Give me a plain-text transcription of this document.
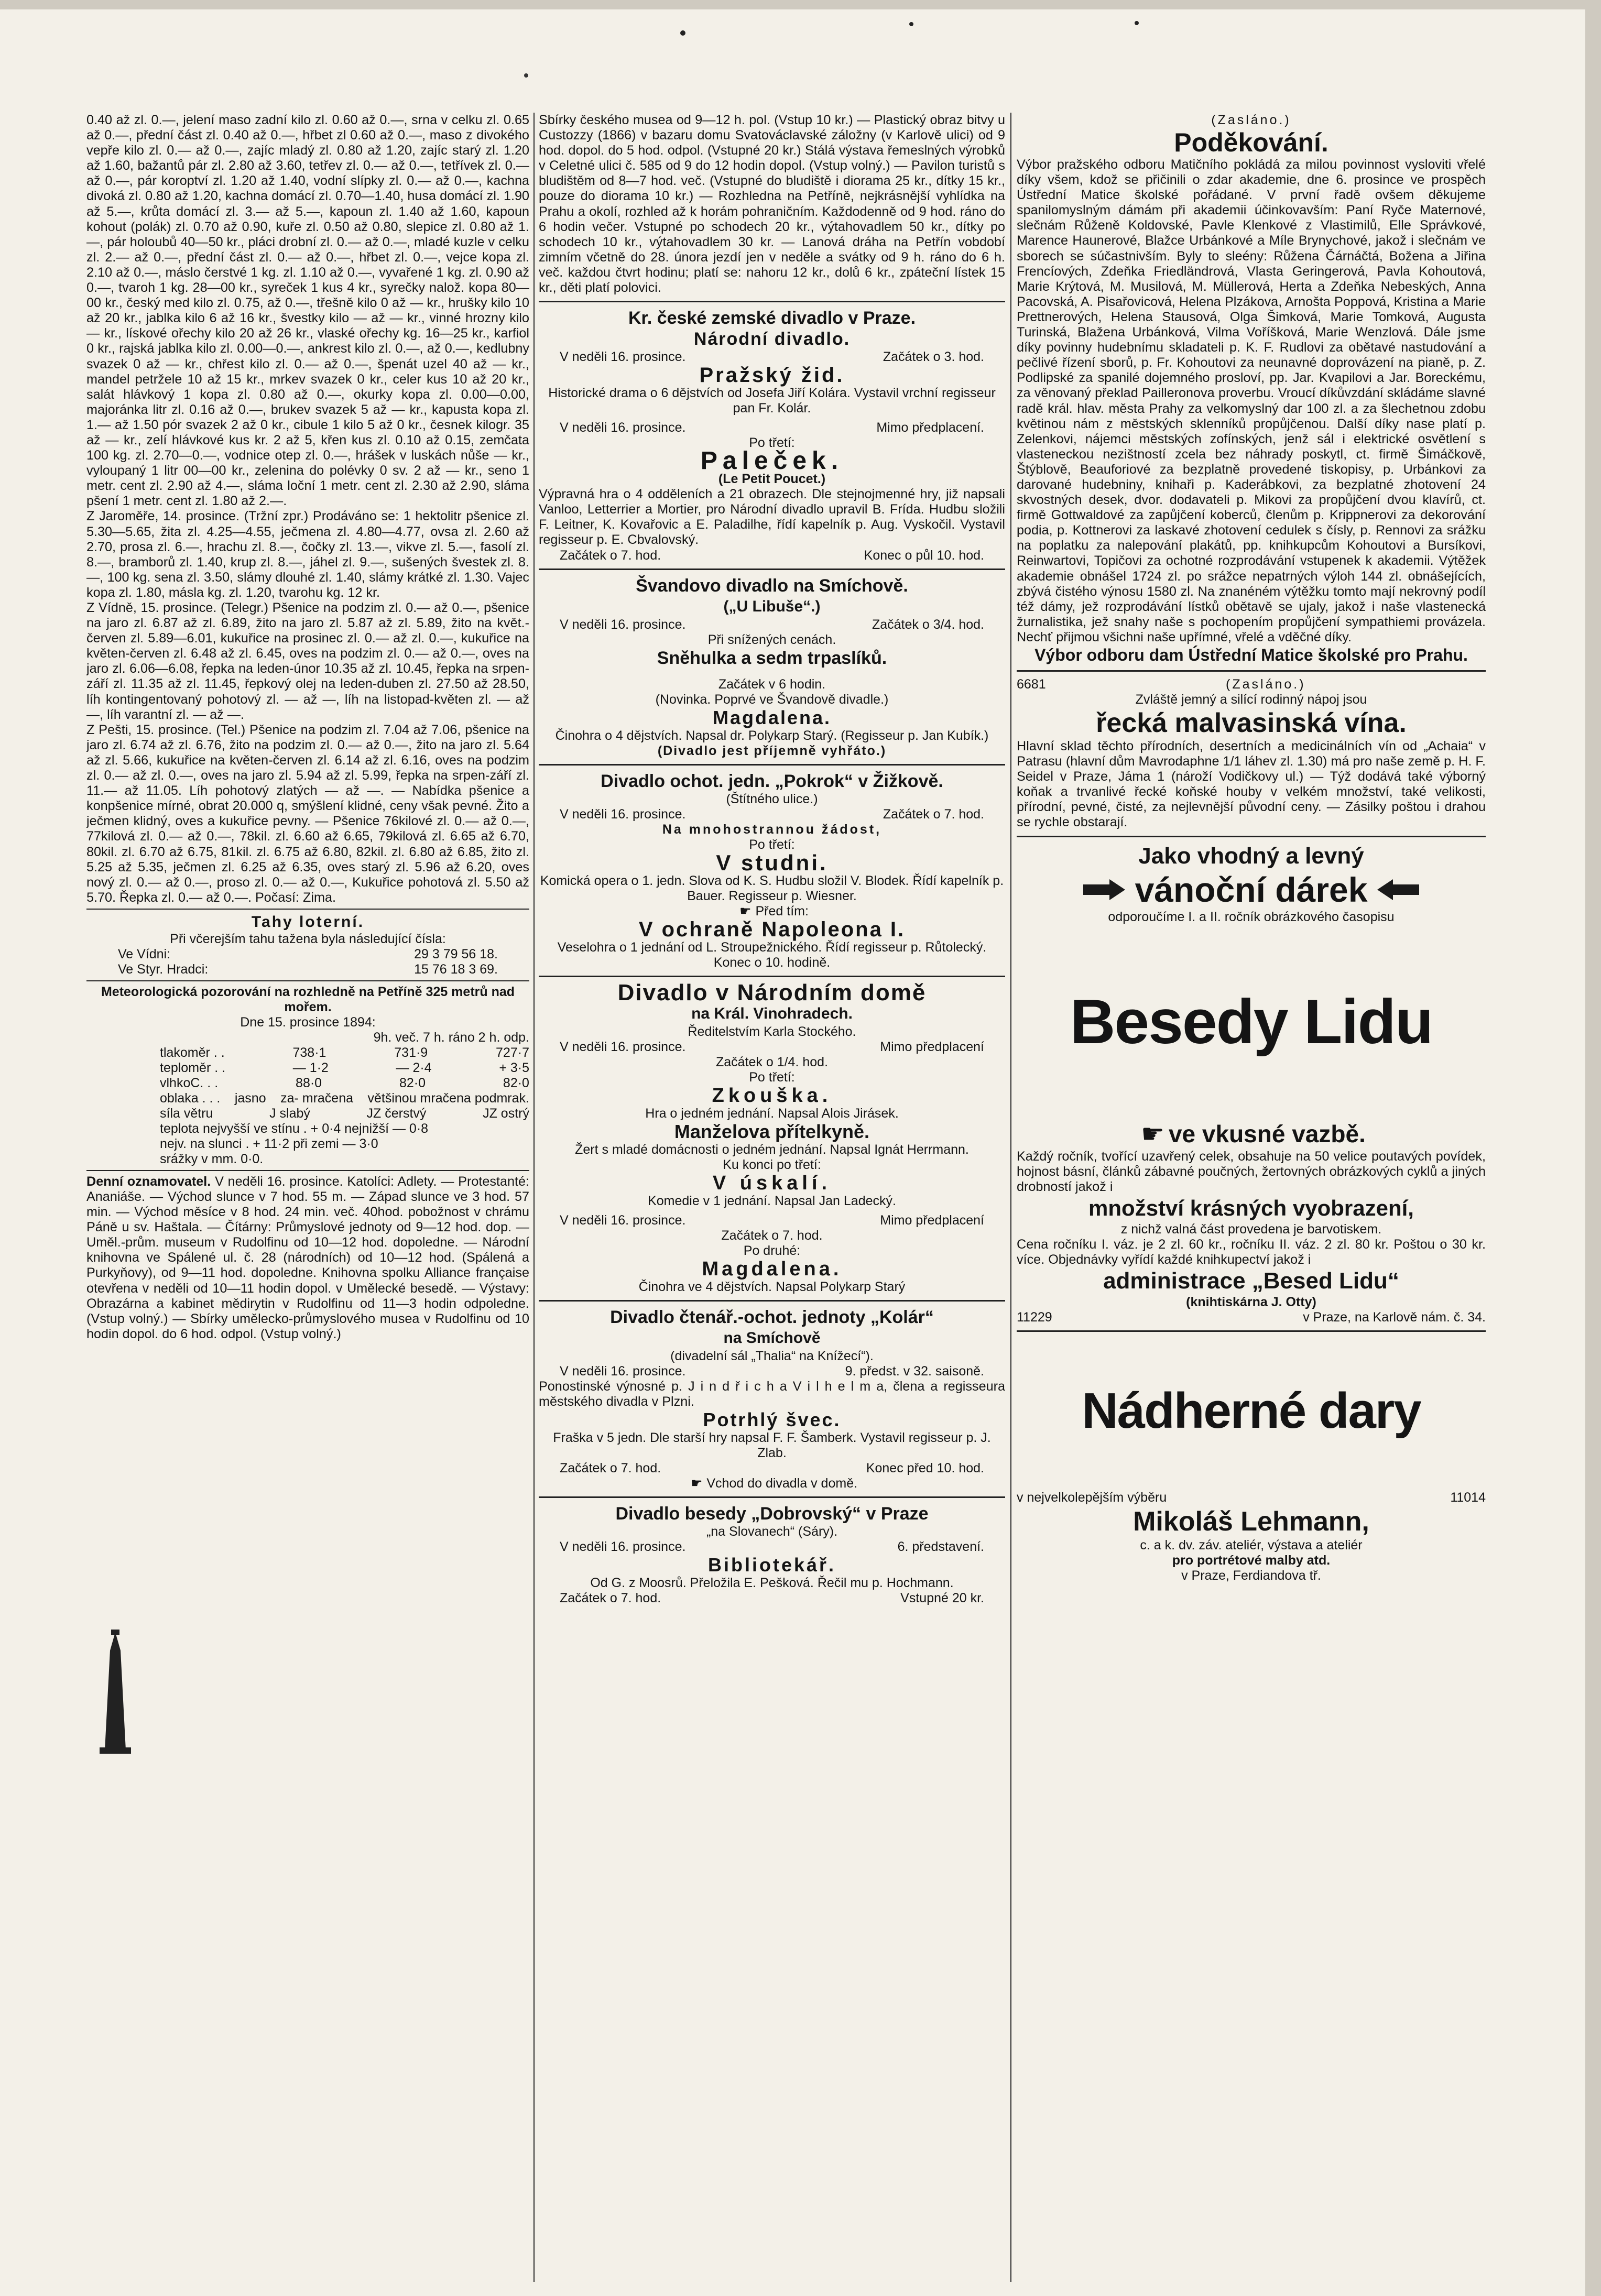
0.40 až zl. 0.—, jelení maso zadní kilo zl. 0.60 až 0.—, srna v celku zl. 0.65 až 0.—, přední část zl. 0.40 až 0.—, hřbet zl 0.60 až 0.—, maso z divokého vepře kilo zl. 0.— až 0.—, zajíc mladý zl. 0.80 až 1.20, zajíc starý zl. 1.20 až 1.60, bažantů pár zl. 2.80 až 3.60, tetřev zl. 0.— až 0.—, tetřívek zl. 0.— až 0.—, pár koroptví zl. 1.20 až 1.40, vodní slípky zl. 0.— až 0.—, kachna divoká zl. 0.80 až 1.20, kachna domácí zl. 0.70—1.40, husa domácí zl. 1.90 až 5.—, krůta domácí zl. 3.— až 5.—, kapoun zl. 1.40 až 1.60, kapoun kohout (polák) zl. 0.70 až 0.90, kuře zl. 0.50 až 0.80, slepice zl. 0.80 až 1.—, pár holoubů 40—50 kr., pláci drobní zl. 0.— až 0.—, mladé kuzle v celku zl. 2.— až 0.—, přední část zl. 0.— až 0.—, hřbet zl. 0.—, vejce kopa zl. 2.10 až 0.—, máslo čerstvé 1 kg. zl. 1.10 až 0.—, vyvařené 1 kg. zl. 0.90 až 0.—, tvaroh 1 kg. 28—00 kr., syreček 1 kus 4 kr., syrečky nalož. kopa 80—00 kr., český med kilo zl. 0.75, až 0.—, třešně kilo 0 až — kr., hrušky kilo 10 až 20 kr., jablka kilo 6 až 16 kr., švestky kilo — až — kr., vinné hrozny kilo — kr., lískové ořechy kilo 20 až 26 kr., vlaské ořechy kg. 16—25 kr., karfiol 0 kr., rajská jablka kilo zl. 0.00—0.—, ankrest kilo zl. 0.—, až 0.—, kedlubny svazek 0 až — kr., chřest kilo zl. 0.— až 0.—, špenát uzel 40 až — kr., mandel petržele 10 až 15 kr., mrkev svazek 0 kr., celer kus 10 až 20 kr., salát hlávkový 1 kopa zl. 0.80 až 0.—, okurky kopa zl. 0.00—0.00, majoránka litr zl. 0.16 až 0.—, brukev svazek 5 až — kr., kapusta kopa zl. 1.— až 1.50 pór svazek 2 až 0 kr., cibule 1 kilo 5 až 0 kr., česnek kilogr. 35 až — kr., zelí hlávkové kus kr. 2 až 5, křen kus zl. 0.10 až 0.15, zemčata 100 kg. zl. 2.70—0.—, vodnice otep zl. 0.—, hrášek v luskách nůše — kr., vyloupaný 1 litr 00—00 kr., zelenina do polévky 0 sv. 2 až — kr., seno 1 metr. cent zl. 2.90 až 4.—, sláma loční 1 metr. cent zl. 2.30 až 2.90, sláma pšení 1 metr. cent zl. 1.80 až 2.—.

Z Jaroměře, 14. prosince. (Tržní zpr.) Prodáváno se: 1 hektolitr pšenice zl. 5.30—5.65, žita zl. 4.25—4.55, ječmena zl. 4.80—4.77, ovsa zl. 2.60 až 2.70, prosa zl. 6.—, hrachu zl. 8.—, čočky zl. 13.—, vikve zl. 5.—, fasolí zl. 8.—, bramborů zl. 1.40, krup zl. 8.—, jáhel zl. 9.—, sušených švestek zl. 8.—, 100 kg. sena zl. 3.50, slámy dlouhé zl. 1.40, slámy krátké zl. 1.30. Vajec kopa zl. 1.80, másla kg. zl. 1.20, tvarohu kg. 12 kr.

Z Vídně, 15. prosince. (Telegr.) Pšenice na podzim zl. 0.— až 0.—, pšenice na jaro zl. 6.87 až zl. 6.89, žito na jaro zl. 5.87 až zl. 5.89, žito na květ.-červen zl. 5.89—6.01, kukuřice na prosinec zl. 0.— až zl. 0.—, kukuřice na květen-červen zl. 6.48 až zl. 6.45, oves na podzim zl. 0.— až 0.—, oves na jaro zl. 6.06—6.08, řepka na leden-únor 10.35 až zl. 10.45, řepka na srpen-září zl. 11.35 až zl. 11.45, řepkový olej na leden-duben zl. 27.50 až 28.50, líh kontingentovaný pohotový zl. — až —, líh na listopad-květen zl. — až —, líh varantní zl. — až —.

Z Pešti, 15. prosince. (Tel.) Pšenice na podzim zl. 7.04 až 7.06, pšenice na jaro zl. 6.74 až zl. 6.76, žito na podzim zl. 0.— až 0.—, žito na jaro zl. 5.64 až zl. 5.66, kukuřice na květen-červen zl. 6.14 až zl. 6.16, oves na podzim zl. 0.— až zl. 0.—, oves na jaro zl. 5.94 až zl. 5.99, řepka na srpen-září zl. 11.— až 11.05. Líh pohotový zlatých — až —. — Nabídka pšenice a konpšenice mírné, obrat 20.000 q, smýšlení klidné, ceny však pevné. Žito a ječmen klidný, oves a kukuřice pevny. — Pšenice 76kilové zl. 0.— až 0.—, 77kilová zl. 0.— až 0.—, 78kil. zl. 6.60 až 6.65, 79kilová zl. 6.65 až 6.70, 80kil. zl. 6.70 až 6.75, 81kil. zl. 6.75 až 6.80, 82kil. zl. 6.80 až 6.85, žito zl. 5.25 až 5.35, ječmen zl. 6.25 až 6.35, oves starý zl. 5.96 až 6.20, oves nový zl. 0.— až 0.—, proso zl. 0.— až 0.—, Kukuřice pohotová zl. 5.50 až 5.70. Řepka zl. 0.— až 0.—. Počasí: Zima.

Tahy loterní.

Při včerejším tahu tažena byla následující čísla:

Ve Vídni:	29 3 79 56 18.
Ve Styr. Hradci:	15 76 18 3 69.

Meteorologická pozorování na rozhledně na Petříně 325 metrů nad mořem.

Dne 15. prosince 1894:

9h. več. 7 h. ráno 2 h. odp.

tlakoměr . .	738·1	731·9	727·7
teploměr . .	— 1·2	— 2·4	+ 3·5
vlhkoC. . .	88·0	82·0	82·0
oblaka . . . jasno za- mračena většinou mračena podmrak.
síla větru	J slabý	JZ čerstvý	JZ ostrý

teplota nejvyšší ve stínu . + 0·4 nejnižší — 0·8

nejv. na slunci . + 11·2 při zemi — 3·0

srážky v mm. 0·0.

Denní oznamovatel. V neděli 16. prosince. Katolíci: Adlety. — Protestanté: Ananiáše. — Východ slunce v 7 hod. 55 m. — Západ slunce ve 3 hod. 57 min. — Východ měsíce v 8 hod. 24 min. več. 40hod. pobožnost v chrámu Páně u sv. Haštala. — Čítárny: Průmyslové jednoty od 9—12 hod. dop. — Uměl.-prům. museum v Rudolfinu od 10—12 hod. dopoledne. — Národní knihovna ve Spálené ul. č. 28 (národních) od 10—12 hod. (Spálená a Purkyňovy), od 9—11 hod. dopoledne. Knihovna spolku Alliance française otevřena v neděli od 10—11 hodin dopol. v Umělecké besedě. — Výstavy: Obrazárna a kabinet mědirytin v Rudolfinu od 11—3 hodin odpoledne. (Vstup volný.) — Sbírky umělecko-průmyslového musea v Rudolfinu od 10 hodin dopol. do 6 hod. odpol. (Vstup volný.)

Sbírky českého musea od 9—12 h. pol. (Vstup 10 kr.) — Plastický obraz bitvy u Custozzy (1866) v bazaru domu Svatováclavské záložny (v Karlově ulici) od 9 hod. dopol. do 5 hod. odpol. (Vstupné 20 kr.) Stálá výstava řemeslných výrobků v Celetné ulici č. 585 od 9 do 12 hodin dopol. (Vstup volný.) — Pavilon turistů s bludištěm od 8—7 hod. več. (Vstupné do bludiště i diorama 25 kr., dítky 15 kr., pouze do diorama 10 kr.) — Rozhledna na Petříně, nejkrásnější vyhlídka na Prahu a okolí, rozhled až k horám pohraničním. Každodenně od 9 hod. ráno do 6 hodin večer. Vstupné po schodech 20 kr., výtahovadlem 50 kr., dítky po schodech 10 kr., výtahovadlem 30 kr. — Lanová dráha na Petřín vobdobí zimním včetně do 28. února jezdí jen v neděle a svátky od 9 h. ráno do 6 h. več. každou čtvrt hodinu; platí se: nahoru 12 kr., dolů 6 kr., zpáteční lístek 15 kr., děti platí polovici.

Kr. české zemské divadlo v Praze.

Národní divadlo.

V neděli 16. prosince.	Začátek o 3. hod.

Pražský žid.

Historické drama o 6 dějstvích od Josefa Jiří Kolára. Vystavil vrchní regisseur pan Fr. Kolár.

V neděli 16. prosince.	Mimo předplacení.

Po třetí:

Paleček.

(Le Petit Poucet.)

Výpravná hra o 4 odděleních a 21 obrazech. Dle stejnojmenné hry, již napsali Vanloo, Letterrier a Mortier, pro Národní divadlo upravil B. Frída. Hudbu složili F. Leitner, K. Kovařovic a E. Paladilhe, řídí kapelník p. Aug. Vyskočil. Vystavil regisseur p. E. Cbvalovský.

Začátek o 7. hod.	Konec o půl 10. hod.

Švandovo divadlo na Smíchově.

(„U Libuše“.)

V neděli 16. prosince.	Začátek o 3/4. hod.

Při snížených cenách.

Sněhulka a sedm trpaslíků.

Začátek v 6 hodin.

(Novinka. Poprvé ve Švandově divadle.)

Magdalena.

Činohra o 4 dějstvích. Napsal dr. Polykarp Starý. (Regisseur p. Jan Kubík.)

(Divadlo jest příjemně vyhřáto.)

Divadlo ochot. jedn. „Pokrok“ v Žižkově.

(Štítného ulice.)

V neděli 16. prosince.	Začátek o 7. hod.

Na mnohostrannou žádost,

Po třetí:

V studni.

Komická opera o 1. jedn. Slova od K. S. Hudbu složil V. Blodek. Řídí kapelník p. Bauer. Regisseur p. Wiesner.

☛ Před tím:

V ochraně Napoleona I.

Veselohra o 1 jednání od L. Stroupežnického. Řídí regisseur p. Růtolecký. Konec o 10. hodině.

Divadlo v Národním domě

na Král. Vinohradech.

Ředitelstvím Karla Stockého.

V neděli 16. prosince.	Mimo předplacení

Začátek o 1/4. hod.

Po třetí:

Zkouška.

Hra o jedném jednání. Napsal Alois Jirásek.

Manželova přítelkyně.

Žert s mladé domácnosti o jedném jednání. Napsal Ignát Herrmann.

Ku konci po třetí:

V úskalí.

Komedie v 1 jednání. Napsal Jan Ladecký.

V neděli 16. prosince.	Mimo předplacení

Začátek o 7. hod.

Po druhé:

Magdalena.

Činohra ve 4 dějstvích. Napsal Polykarp Starý

Divadlo čtenář.-ochot. jednoty „Kolár“

na Smíchově

(divadelní sál „Thalia“ na Knížecí“).

V neděli 16. prosince.	9. předst. v 32. saisoně.

Ponostinské výnosné p. J i n d ř i c h a V i l h e l m a, člena a regisseura městského divadla v Plzni.

Potrhlý švec.

Fraška v 5 jedn. Dle starší hry napsal F. F. Šamberk. Vystavil regisseur p. J. Zlab.

Začátek o 7. hod.	Konec před 10. hod.

☛ Vchod do divadla v domě.

Divadlo besedy „Dobrovský“ v Praze

„na Slovanech“ (Sáry).

V neděli 16. prosince.	6. představení.

Bibliotekář.

Od G. z Moosrů. Přeložila E. Pešková. Řečil mu p. Hochmann.

Začátek o 7. hod.	Vstupné 20 kr.

(Zasláno.)

Poděkování.

Výbor pražského odboru Matičního pokládá za milou povinnost vysloviti vřelé díky všem, kdož se přičinili o zdar akademie, dne 6. prosince ve prospěch Ústřední Matice školské pořádané. V první řadě ovšem děkujeme spanilomyslným dámám při akademii účinkovavším: Paní Ryče Maternové, slečnám Růženě Koldovské, Pavle Klenkové z Vlastimilů, Elle Správkové, Marence Haunerové, Blažce Urbánkové a Míle Brynychové, jakož i slečnám ve sborech se súčastnivším. Byly to sleény: Růžena Čárnáčtá, Božena a Jiřina Frencíových, Zdeňka Friedländrová, Vlasta Geringerová, Pavla Kohoutová, Marie Krýtová, M. Musilová, M. Müllerová, Herta a Zdeňka Nebeských, Anna Pacovská, A. Pisařovicová, Helena Plzákova, Arnošta Poppová, Kristina a Marie Prettnerových, Helena Stausová, Olga Šimková, Marie Tomková, Augusta Turinská, Blažena Urbánková, Vilma Voříšková, Marie Wenzlová. Dále jsme díky povinny hudebnímu skladateli p. K. F. Rudlovi za obětavé nastudování a pečlivé řízení sborů, p. Fr. Kohoutovi za neunavné doprovázení na pianě, p. Z. Podlipské za spanilé dojemného prosloví, pp. Jar. Kvapilovi a Jar. Boreckému, za věnovaný překlad Pailleronova proverbu. Vroucí díkůvzdání skládáme slavné radě král. hlav. města Prahy za velkomyslný dar 100 zl. a za šlechetnou zdobu květinou nám z městských sklenníků propůjčenou. Další díky nase platí p. Zelenkovi, nájemci městských zofínských, jenž sál i elektrické osvětlení s vlasteneckou nezištností zcela bez náhrady poskytl, ct. firmě Šimáčkově, Štýblově, Beauforiové za bezplatně provedené tiskopisy, p. Urbánkovi za darované hudebniny, knihaři p. Kaderábkovi, za bezplatné zhotovení 24 skvostných desek, dvor. dodavateli p. Mikovi za propůjčení dvou klavírů, ct. firmě Gottwaldové za zapůjčení koberců, členům p. Krippnerovi za dekorování podia, p. Kottnerovi za laskavé zhotovení cedulek s čísly, p. Rennovi za srážku na poplatku za nalepování plakátů, pp. knihkupcům Kohoutovi a Bursíkovi, Reinwartovi, Topičovi za ochotné rozprodávání vstupenek k akademii. Výtěžek akademie obnášel 1724 zl. po srážce nepatrných výloh 144 zl. obnášejících, zbývá čistého výnosu 1580 zl. Na znanéném výtěžku tomto mají nekrovný podíl též dámy, jež rozprodávání lístků obětavě se ujaly, jakož i naše vlastenecká žurnalistika, jež snahy naše s pochopením propůjčení sympathiemi provázela. Nechť přijmou všichni naše upřímné, vřelé a vděčné díky.

Výbor odboru dam Ústřední Matice školské pro Prahu.

6681	(Zasláno.)

Zvláště jemný a silící rodinný nápoj jsou

řecká malvasinská vína.

Hlavní sklad těchto přírodních, desertních a medicinálních vín od „Achaia“ v Patrasu (hlavní dům Mavrodaphne 1/1 láhev zl. 1.30) má pro naše země p. H. F. Seidel v Praze, Jáma 1 (nároží Vodičkovy ul.) — Týž dodává také výborný koňak a trvanlivé řecké koňské houby v velkém množství, také velikosti, přírodní, pevné, čisté, za nejlevnější původní ceny. — Zásilky poštou i drahou se rychle obstarají.

Jako vhodný a levný

vánoční dárek

odporoučíme I. a II. ročník obrázkového časopisu

Besedy Lidu

☛ ve vkusné vazbě.

Každý ročník, tvořící uzavřený celek, obsahuje na 50 velice poutavých povídek, hojnost básní, článků zábavné poučných, žertovných obrázkových cyklů a jiných drobností jakož i

množství krásných vyobrazení,

z nichž valná část provedena je barvotiskem.

Cena ročníku I. váz. je 2 zl. 60 kr., ročníku II. váz. 2 zl. 80 kr. Poštou o 30 kr. více. Objednávky vyřídí každé knihkupectví jakož i

administrace „Besed Lidu“

(knihtiskárna J. Otty)

11229	v Praze, na Karlově nám. č. 34.

Nádherné dary

v nejvelkolepějším výběru	11014

Mikoláš Lehmann,

c. a k. dv. záv. ateliér, výstava a ateliér

pro portrétové malby atd.

v Praze, Ferdiandova tř.
